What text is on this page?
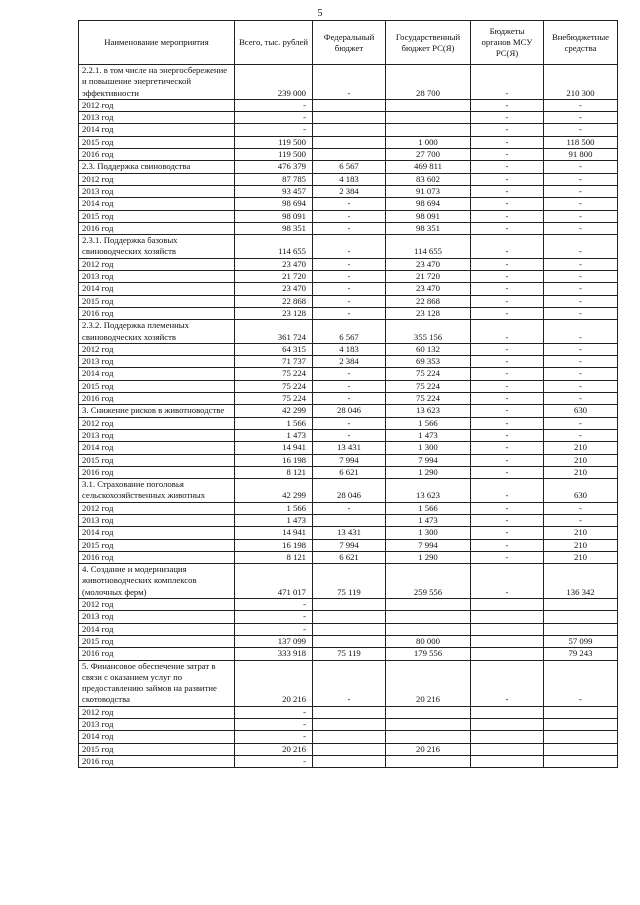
5
Наименование мероприятия	Всего, тыс. рублей	Федеральный бюджет	Государственный бюджет РС(Я)	Бюджеты органов МСУ РС(Я)	Внебюджетные средства
2.2.1. в том числе на энергосбережение и повышение энергетической эффективности	239 000	-	28 700	-	210 300
2012 год	-			-	-
2013 год	-			-	-
2014 год	-			-	-
2015 год	119 500		1 000	-	118 500
2016 год	119 500		27 700	-	91 800
2.3. Поддержка свиноводства	476 379	6 567	469 811	-	-
2012 год	87 785	4 183	83 602	-	-
2013 год	93 457	2 384	91 073	-	-
2014 год	98 694	-	98 694	-	-
2015 год	98 091	-	98 091	-	-
2016 год	98 351	-	98 351	-	-
2.3.1. Поддержка базовых свиноводческих хозяйств	114 655	-	114 655	-	-
2012 год	23 470	-	23 470	-	-
2013 год	21 720	-	21 720	-	-
2014 год	23 470	-	23 470	-	-
2015 год	22 868	-	22 868	-	-
2016 год	23 128	-	23 128	-	-
2.3.2. Поддержка племенных свиноводческих хозяйств	361 724	6 567	355 156	-	-
2012 год	64 315	4 183	60 132	-	-
2013 год	71 737	2 384	69 353	-	-
2014 год	75 224	-	75 224	-	-
2015 год	75 224	-	75 224	-	-
2016 год	75 224	-	75 224	-	-
3. Снижение рисков в животноводстве	42 299	28 046	13 623	-	630
2012 год	1 566	-	1 566	-	-
2013 год	1 473	-	1 473	-	-
2014 год	14 941	13 431	1 300	-	210
2015 год	16 198	7 994	7 994	-	210
2016 год	8 121	6 621	1 290	-	210
3.1. Страхование поголовья сельскохозяйственных животных	42 299	28 046	13 623	-	630
2012 год	1 566	-	1 566	-	-
2013 год	1 473		1 473	-	-
2014 год	14 941	13 431	1 300	-	210
2015 год	16 198	7 994	7 994	-	210
2016 год	8 121	6 621	1 290	-	210
4. Создание и модернизация животноводческих комплексов (молочных ферм)	471 017	75 119	259 556	-	136 342
2012 год	-				
2013 год	-				
2014 год	-				
2015 год	137 099		80 000		57 099
2016 год	333 918	75 119	179 556		79 243
5. Финансовое обеспечение затрат в связи с оказанием услуг по предоставлению займов на развитие скотоводства	20 216	-	20 216	-	-
2012 год	-				
2013 год	-				
2014 год	-				
2015 год	20 216		20 216		
2016 год	-				
